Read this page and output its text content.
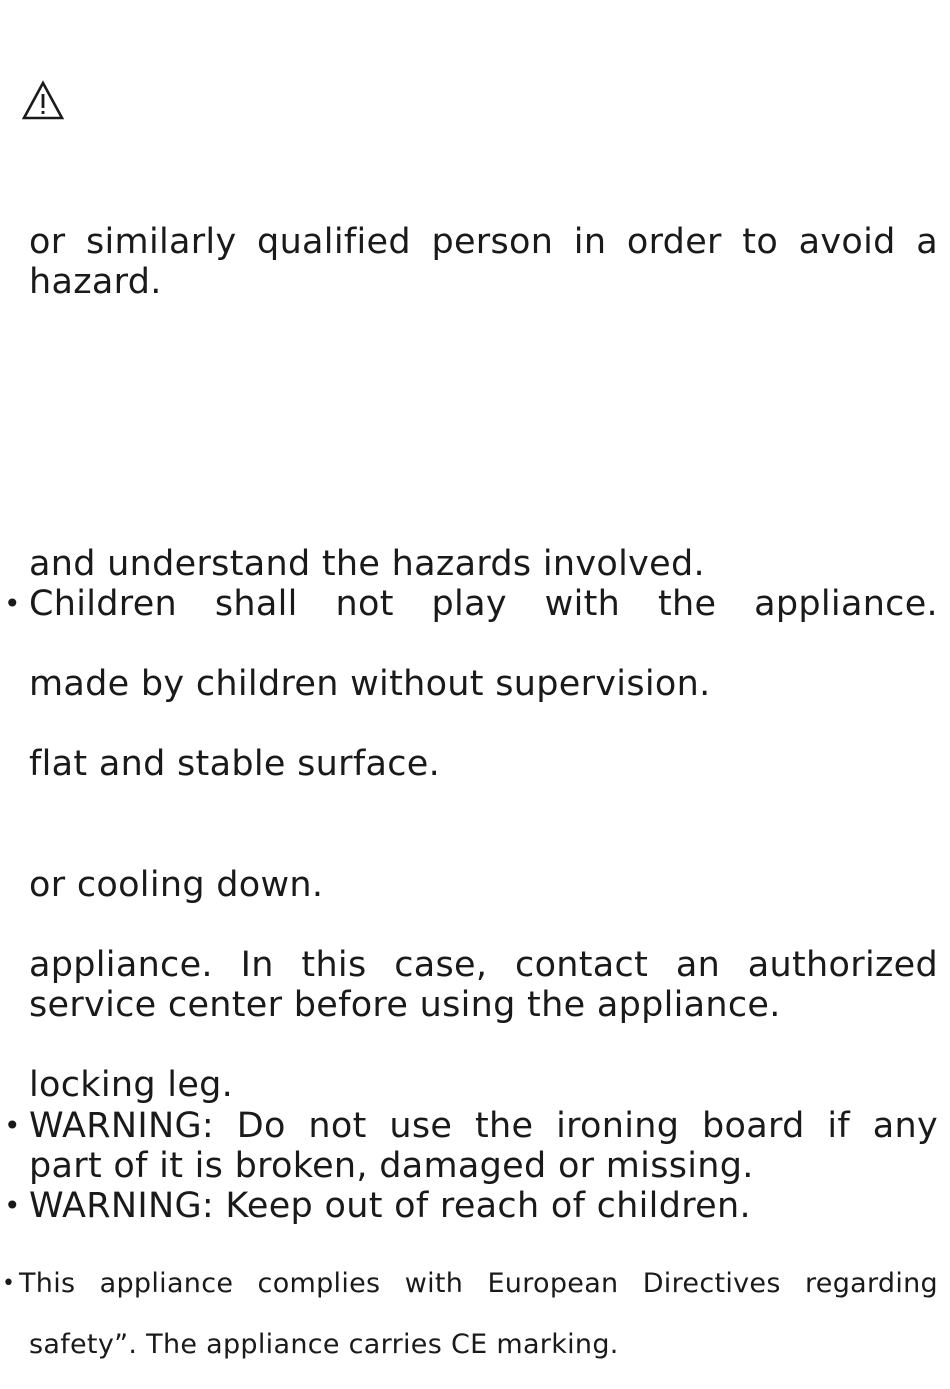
or similarly qualified person in order to avoid a
hazard.
and understand the hazards involved.
• Children shall not play with the appliance.
made by children without supervision.
flat and stable surface.
or cooling down.
appliance. In this case, contact an authorized
service center before using the appliance.
locking leg.
• WARNING: Do not use the ironing board if any
part of it is broken, damaged or missing.
• WARNING: Keep out of reach of children.
• This appliance complies with European Directives regarding
safety”. The appliance carries CE marking.
